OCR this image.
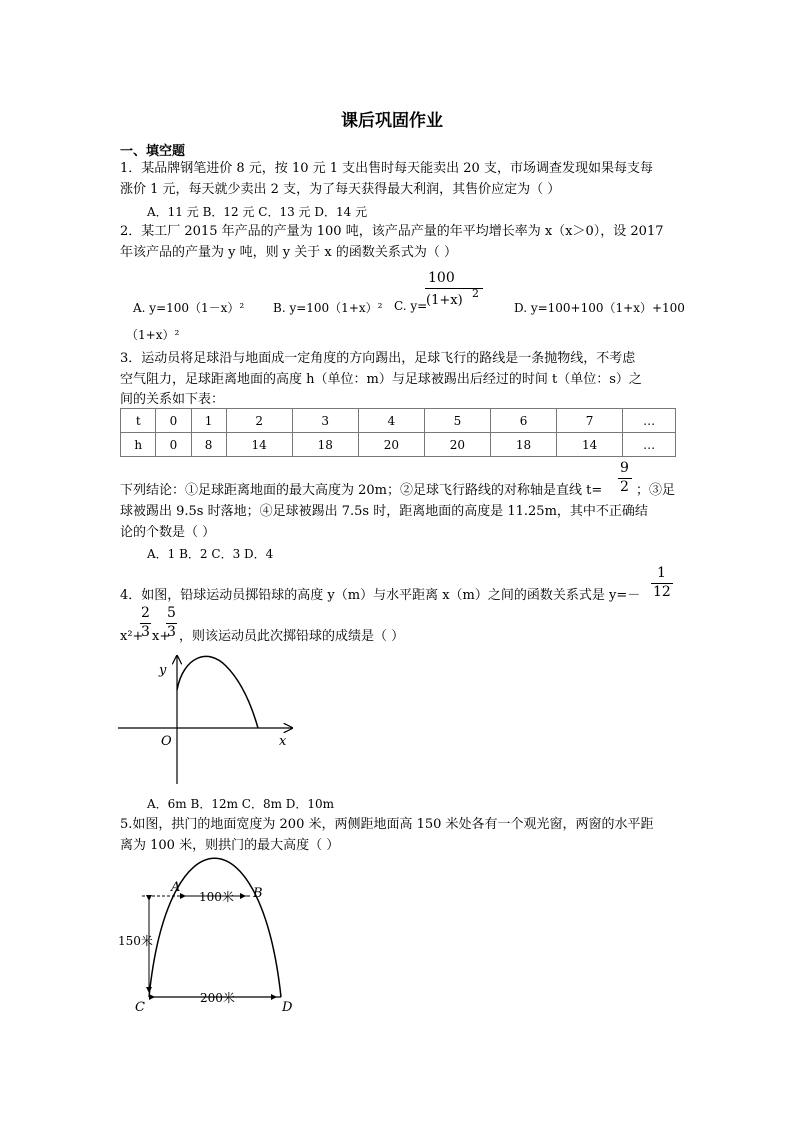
课后巩固作业
一、填空题
1．某品牌钢笔进价 8 元，按 10 元 1 支出售时每天能卖出 20 支，市场调查发现如果每支每
涨价 1 元，每天就少卖出 2 支，为了每天获得最大利润，其售价应定为（ ）
A．11 元 B．12 元 C．13 元 D．14 元
2．某工厂 2015 年产品的产量为 100 吨，该产品产量的年平均增长率为 x（x＞0），设 2017
年该产品的产量为 y 吨，则 y 关于 x 的函数关系式为（ ）
A. y=100（1－x）² B. y=100（1+x）² C. y=
100
(1+x) 2
D. y=100+100（1+x）+100
（1+x）²
3．运动员将足球沿与地面成一定角度的方向踢出，足球飞行的路线是一条抛物线，不考虑
空气阻力，足球距离地面的高度 h（单位：m）与足球被踢出后经过的时间 t（单位：s）之
间的关系如下表：
t	0	1	2	3	4	5	6	7	…
h	0	8	14	18	20	20	18	14	…
下列结论：①足球距离地面的最大高度为 20m；②足球飞行路线的对称轴是直线 t=
9
2 ；③足
球被踢出 9.5s 时落地；④足球被踢出 7.5s 时，距离地面的高度是 11.25m，其中不正确结
论的个数是（ ）
A．1 B．2 C．3 D．4
4．如图，铅球运动员掷铅球的高度 y（m）与水平距离 x（m）之间的函数关系式是 y=－
1
12
x²+
2
3 x+
5
3 ，则该运动员此次掷铅球的成绩是（ ）
y
x
O
A．6m B．12m C．8m D．10m
5.如图，拱门的地面宽度为 200 米，两侧距地面高 150 米处各有一个观光窗，两窗的水平距
离为 100 米，则拱门的最大高度（ ）
A	B
C	D
100米
150米
200米
